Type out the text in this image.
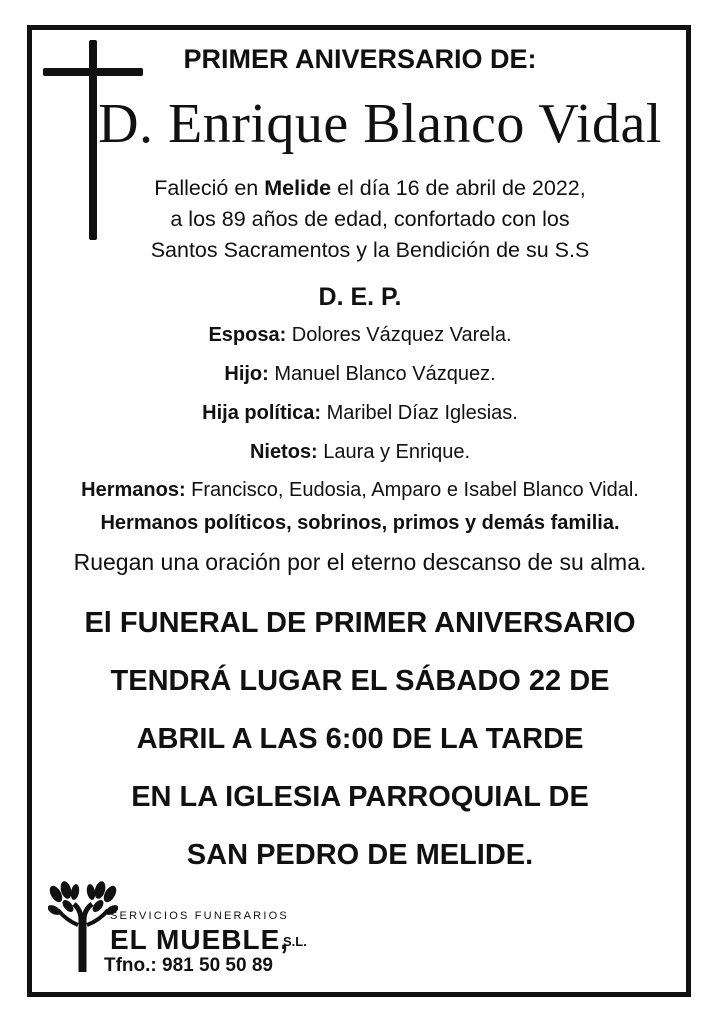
PRIMER ANIVERSARIO DE:
D. Enrique Blanco Vidal
Falleció en Melide el día 16 de abril de 2022,
a los 89 años de edad, confortado con los
Santos Sacramentos y la Bendición de su S.S
D. E. P.
Esposa: Dolores Vázquez Varela.
Hijo: Manuel Blanco Vázquez.
Hija política: Maribel Díaz Iglesias.
Nietos: Laura y Enrique.
Hermanos: Francisco, Eudosia, Amparo e Isabel Blanco Vidal.
Hermanos políticos, sobrinos, primos y demás familia.
Ruegan una oración por el eterno descanso de su alma.
El FUNERAL DE PRIMER ANIVERSARIO
TENDRÁ LUGAR EL SÁBADO 22 DE
ABRIL A LAS 6:00 DE LA TARDE
EN LA IGLESIA PARROQUIAL DE
SAN PEDRO DE MELIDE.
SERVICIOS FUNERARIOS
EL MUEBLE,
S.L.
Tfno.: 981 50 50 89
